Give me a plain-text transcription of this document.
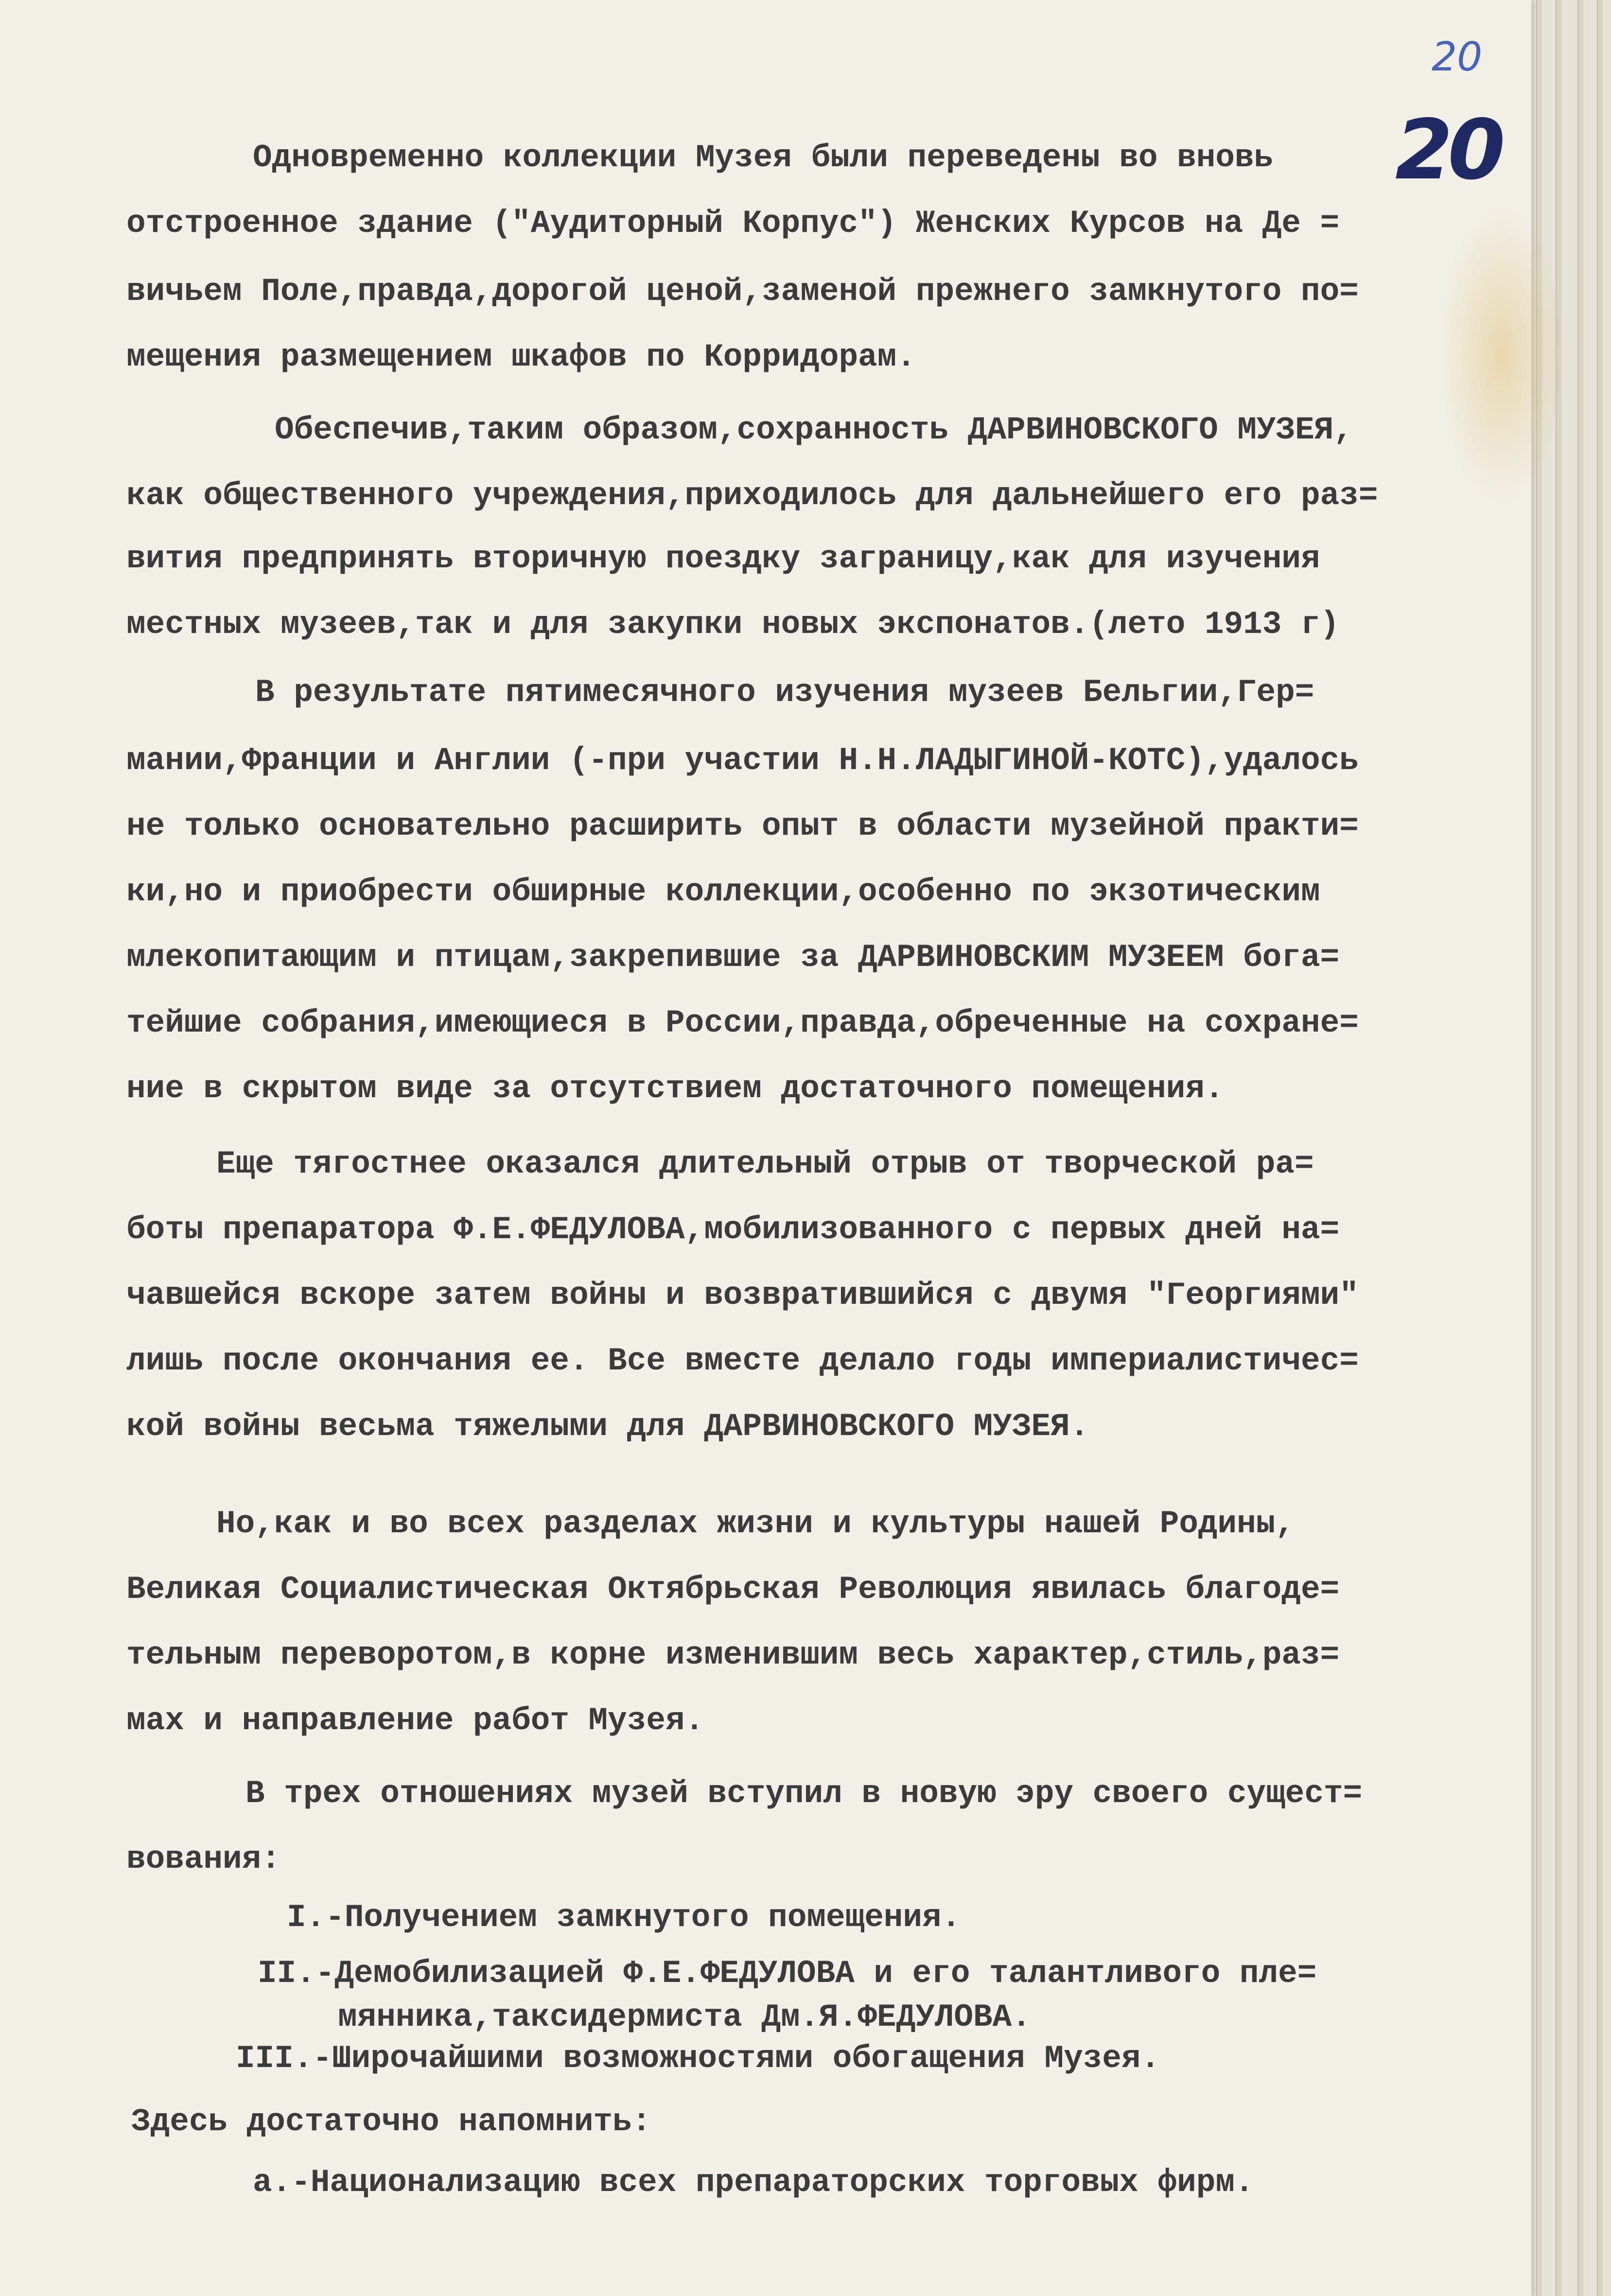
20
20
Одновременно коллекции Музея были переведены во вновь
отстроенное здание ("Аудиторный Корпус") Женских Курсов на Де =
вичьем Поле,правда,дорогой ценой,заменой прежнего замкнутого по=
мещения размещением шкафов по Корридорам.
Обеспечив,таким образом,сохранность ДАРВИНОВСКОГО МУЗЕЯ,
как общественного учреждения,приходилось для дальнейшего его раз=
вития предпринять вторичную поездку заграницу,как для изучения
местных музеев,так и для закупки новых экспонатов.(лето 1913 г)
В результате пятимесячного изучения музеев Бельгии,Гер=
мании,Франции и Англии (-при участии Н.Н.ЛАДЫГИНОЙ-КОТС),удалось
не только основательно расширить опыт в области музейной практи=
ки,но и приобрести обширные коллекции,особенно по экзотическим
млекопитающим и птицам,закрепившие за ДАРВИНОВСКИМ МУЗЕЕМ бога=
тейшие собрания,имеющиеся в России,правда,обреченные на сохране=
ние в скрытом виде за отсутствием достаточного помещения.
Еще тягостнее оказался длительный отрыв от творческой ра=
боты препаратора Ф.Е.ФЕДУЛОВА,мобилизованного с первых дней на=
чавшейся вскоре затем войны и возвратившийся с двумя "Георгиями"
лишь после окончания ее. Все вместе делало годы империалистичес=
кой войны весьма тяжелыми для ДАРВИНОВСКОГО МУЗЕЯ.
Но,как и во всех разделах жизни и культуры нашей Родины,
Великая Социалистическая Октябрьская Революция явилась благоде=
тельным переворотом,в корне изменившим весь характер,стиль,раз=
мах и направление работ Музея.
В трех отношениях музей вступил в новую эру своего сущест=
вования:
I.-Получением замкнутого помещения.
II.-Демобилизацией Ф.Е.ФЕДУЛОВА и его талантливого пле=
мянника,таксидермиста Дм.Я.ФЕДУЛОВА.
III.-Широчайшими возможностями обогащения Музея.
Здесь достаточно напомнить:
а.-Национализацию всех препараторских торговых фирм.
